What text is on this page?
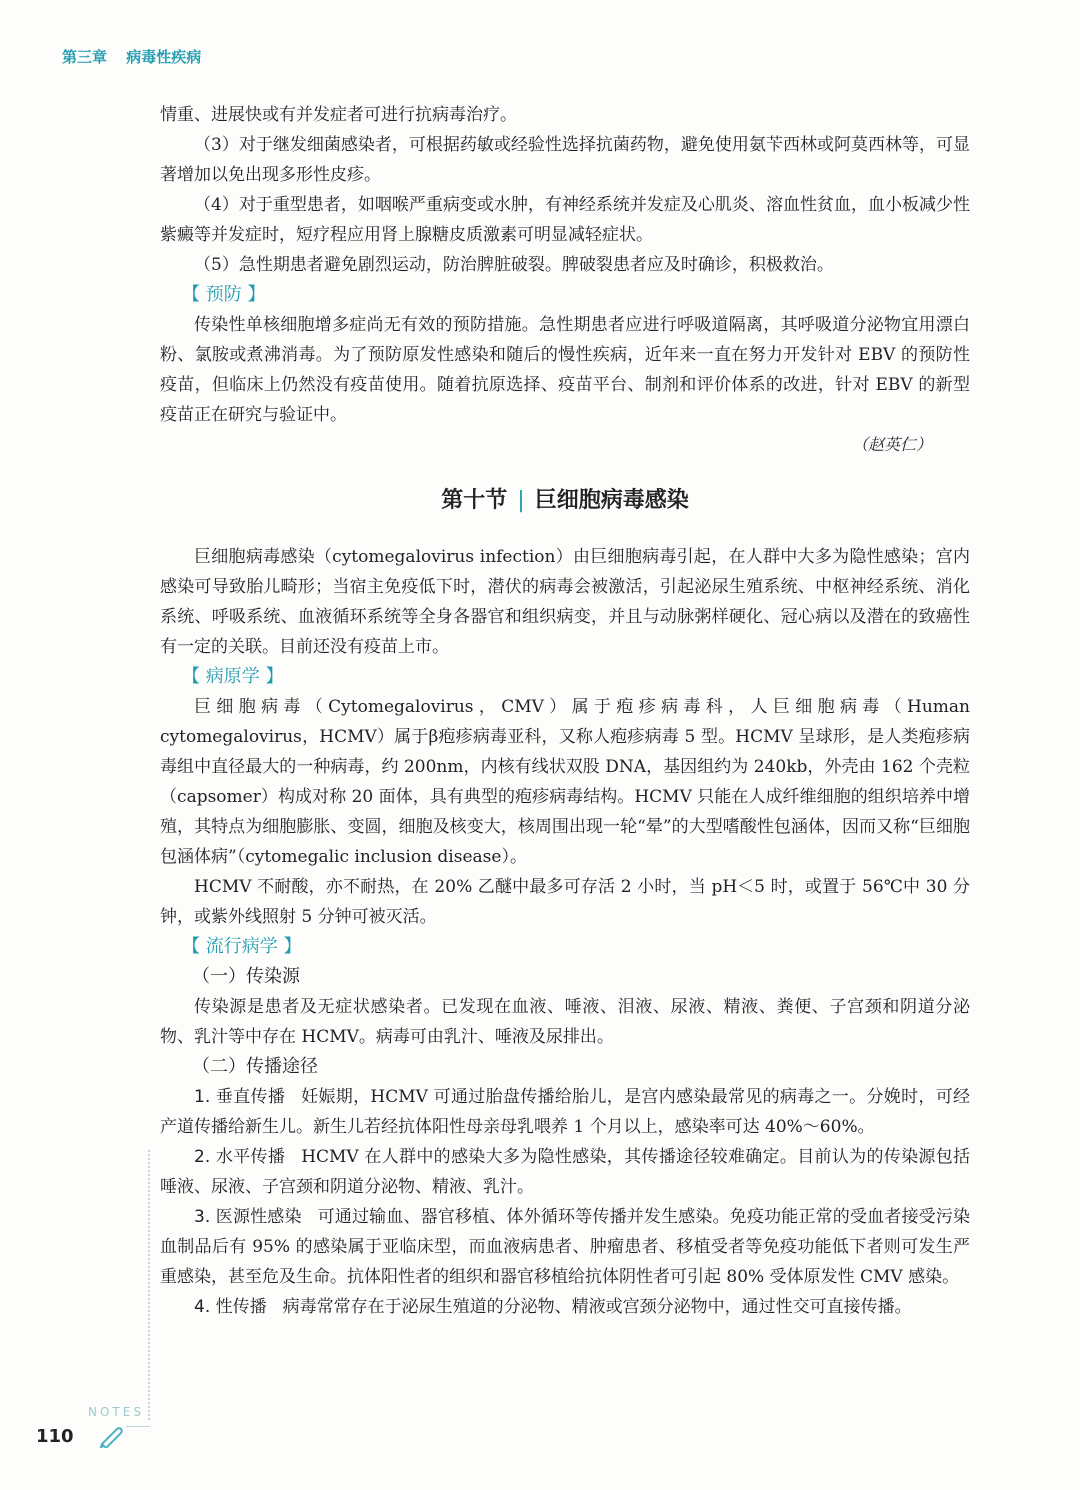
第三章 病毒性疾病

情重、进展快或有并发症者可进行抗病毒治疗。

（3）对于继发细菌感染者，可根据药敏或经验性选择抗菌药物，避免使用氨苄西林或阿莫西林等，可显著增加以免出现多形性皮疹。

（4）对于重型患者，如咽喉严重病变或水肿，有神经系统并发症及心肌炎、溶血性贫血，血小板减少性紫癜等并发症时，短疗程应用肾上腺糖皮质激素可明显减轻症状。

（5）急性期患者避免剧烈运动，防治脾脏破裂。脾破裂患者应及时确诊，积极救治。

【 预防 】

传染性单核细胞增多症尚无有效的预防措施。急性期患者应进行呼吸道隔离，其呼吸道分泌物宜用漂白粉、氯胺或煮沸消毒。为了预防原发性感染和随后的慢性疾病，近年来一直在努力开发针对 EBV 的预防性疫苗，但临床上仍然没有疫苗使用。随着抗原选择、疫苗平台、制剂和评价体系的改进，针对 EBV 的新型疫苗正在研究与验证中。

（赵英仁）

第十节 | 巨细胞病毒感染

巨细胞病毒感染（cytomegalovirus infection）由巨细胞病毒引起，在人群中大多为隐性感染；宫内感染可导致胎儿畸形；当宿主免疫低下时，潜伏的病毒会被激活，引起泌尿生殖系统、中枢神经系统、消化系统、呼吸系统、血液循环系统等全身各器官和组织病变，并且与动脉粥样硬化、冠心病以及潜在的致癌性有一定的关联。目前还没有疫苗上市。

【 病原学 】

巨细胞病毒（Cytomegalovirus，CMV）属于疱疹病毒科，人巨细胞病毒（Human cytomegalovirus，HCMV）属于β疱疹病毒亚科，又称人疱疹病毒 5 型。HCMV 呈球形，是人类疱疹病毒组中直径最大的一种病毒，约 200nm，内核有线状双股 DNA，基因组约为 240kb，外壳由 162 个壳粒（capsomer）构成对称 20 面体，具有典型的疱疹病毒结构。HCMV 只能在人成纤维细胞的组织培养中增殖，其特点为细胞膨胀、变圆，细胞及核变大，核周围出现一轮“晕”的大型嗜酸性包涵体，因而又称“巨细胞包涵体病”（cytomegalic inclusion disease）。

HCMV 不耐酸，亦不耐热，在 20% 乙醚中最多可存活 2 小时，当 pH＜5 时，或置于 56℃中 30 分钟，或紫外线照射 5 分钟可被灭活。

【 流行病学 】

（一）传染源

传染源是患者及无症状感染者。已发现在血液、唾液、泪液、尿液、精液、粪便、子宫颈和阴道分泌物、乳汁等中存在 HCMV。病毒可由乳汁、唾液及尿排出。

（二）传播途径

1. 垂直传播 妊娠期，HCMV 可通过胎盘传播给胎儿，是宫内感染最常见的病毒之一。分娩时，可经产道传播给新生儿。新生儿若经抗体阳性母亲母乳喂养 1 个月以上，感染率可达 40%～60%。

2. 水平传播 HCMV 在人群中的感染大多为隐性感染，其传播途径较难确定。目前认为的传染源包括唾液、尿液、子宫颈和阴道分泌物、精液、乳汁。

3. 医源性感染 可通过输血、器官移植、体外循环等传播并发生感染。免疫功能正常的受血者接受污染血制品后有 95% 的感染属于亚临床型，而血液病患者、肿瘤患者、移植受者等免疫功能低下者则可发生严重感染，甚至危及生命。抗体阳性者的组织和器官移植给抗体阴性者可引起 80% 受体原发性 CMV 感染。

4. 性传播 病毒常常存在于泌尿生殖道的分泌物、精液或宫颈分泌物中，通过性交可直接传播。

NOTES
110
